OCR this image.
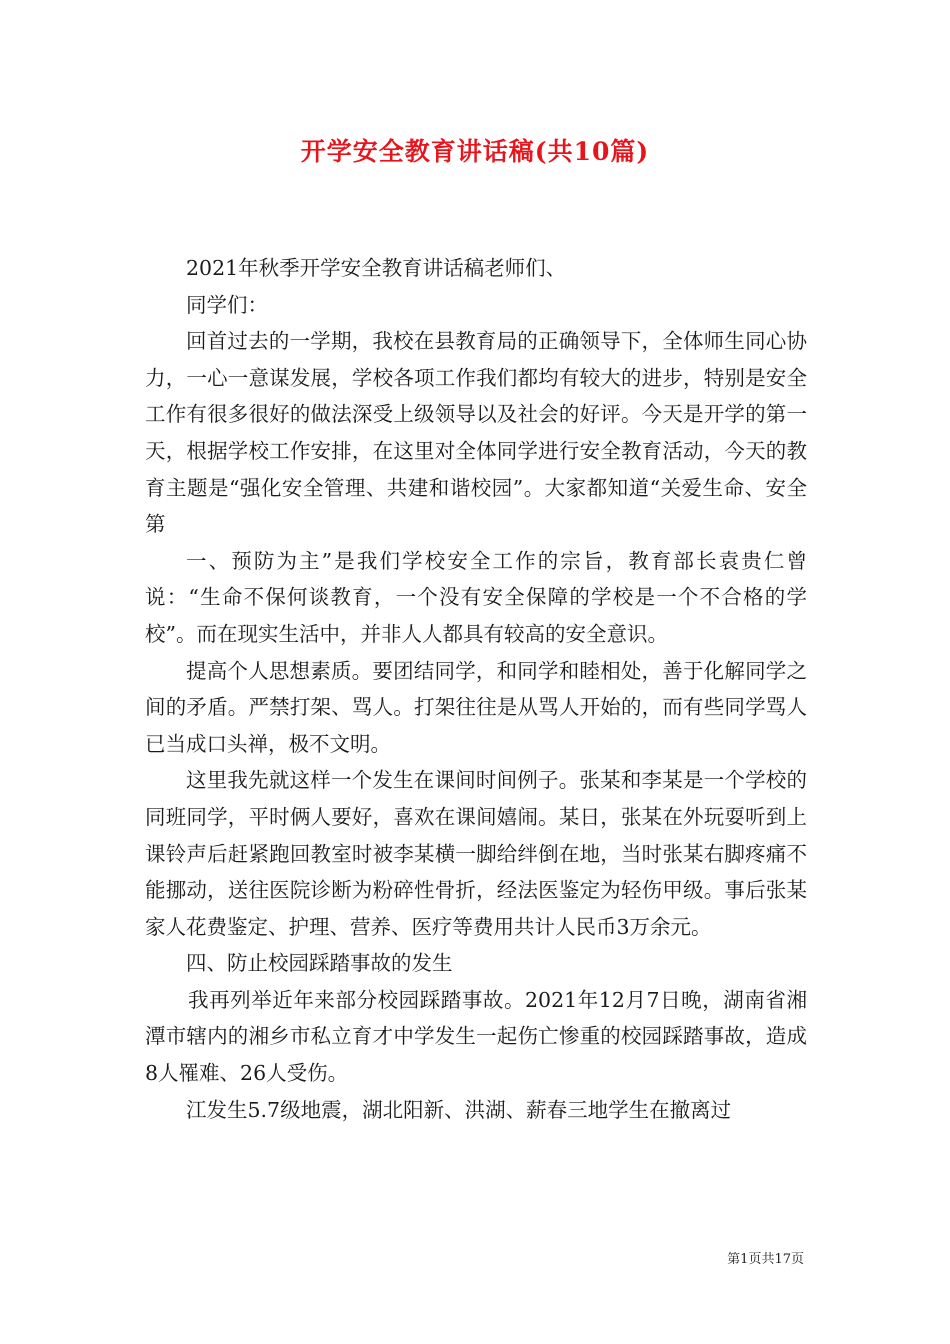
开学安全教育讲话稿(共10篇)

2021年秋季开学安全教育讲话稿老师们、

同学们：

回首过去的一学期，我校在县教育局的正确领导下，全体师生同心协力，一心一意谋发展，学校各项工作我们都均有较大的进步，特别是安全工作有很多很好的做法深受上级领导以及社会的好评。今天是开学的第一天，根据学校工作安排，在这里对全体同学进行安全教育活动，今天的教育主题是“强化安全管理、共建和谐校园”。大家都知道“关爱生命、安全第

一、预防为主”是我们学校安全工作的宗旨，教育部长袁贵仁曾说：“生命不保何谈教育，一个没有安全保障的学校是一个不合格的学校”。而在现实生活中，并非人人都具有较高的安全意识。

提高个人思想素质。要团结同学，和同学和睦相处，善于化解同学之间的矛盾。严禁打架、骂人。打架往往是从骂人开始的，而有些同学骂人已当成口头禅，极不文明。

这里我先就这样一个发生在课间时间例子。张某和李某是一个学校的同班同学，平时俩人要好，喜欢在课间嬉闹。某日，张某在外玩耍听到上课铃声后赶紧跑回教室时被李某横一脚给绊倒在地，当时张某右脚疼痛不能挪动，送往医院诊断为粉碎性骨折，经法医鉴定为轻伤甲级。事后张某家人花费鉴定、护理、营养、医疗等费用共计人民币3万余元。

四、防止校园踩踏事故的发生

我再列举近年来部分校园踩踏事故。2021年12月7日晚，湖南省湘潭市辖内的湘乡市私立育才中学发生一起伤亡惨重的校园踩踏事故，造成8人罹难、26人受伤。

江发生5.7级地震，湖北阳新、洪湖、薪春三地学生在撤离过

第1页共17页
